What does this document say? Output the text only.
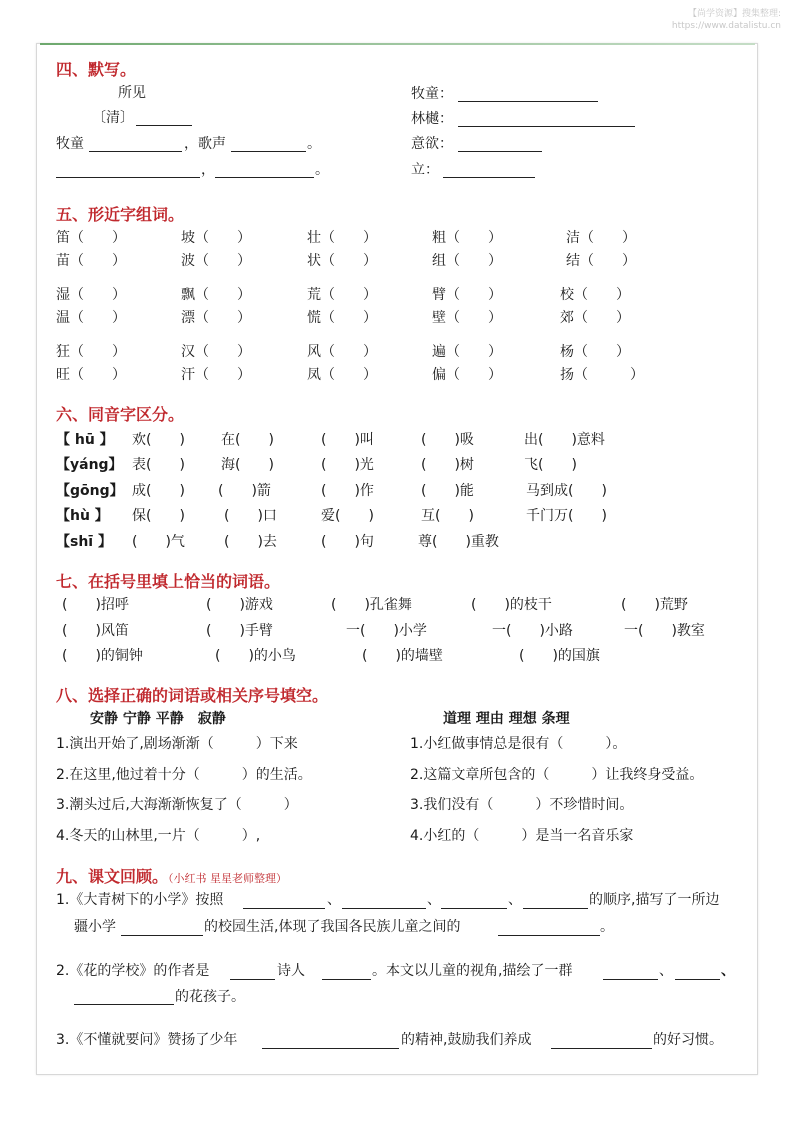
【尚学资源】搜集整理:
https://www.datalistu.cn
四、默写。
所见
〔清〕
牧童	，歌声	。
，	。
牧童：
林樾：
意欲：
立：
五、形近字组词。
笛（　　）	坡（　　）	壮（　　）	粗（　　）	洁（　　）
苗（　　）	波（　　）	状（　　）	组（　　）	结（　　）
湿（　　）	飘（　　）	荒（　　）	臂（　　）	校（　　）
温（　　）	漂（　　）	慌（　　）	壁（　　）	郊（　　）
狂（　　）	汉（　　）	风（　　）	遍（　　）	杨（　　）
旺（　　）	汗（　　）	凤（　　）	偏（　　）	扬（　　　）
六、同音字区分。
【 hū 】 欢(　　)	在(　　)	(　　)叫	(　　)吸	出(　　)意料
【yáng】 表(　　)	海(　　)	(　　)光	(　　)树	飞(　　)
【gōng】 成(　　) (　　)箭	(　　)作	(　　)能	马到成(　　)
【hù 】 保(　　)	(　　)口	爱(　　)	互(　　)	千门万(　　)
【shī 】 (　　)气	(　　)去	(　　)句	尊(　　)重教
七、在括号里填上恰当的词语。
(　　)招呼	(　　)游戏	(　　)孔雀舞	(　　)的枝干	(　　)荒野
(　　)风笛	(　　)手臂	一(　　)小学	一(　　)小路	一(　　)教室
(　　)的铜钟	(　　)的小鸟	(　　)的墙壁	(　　)的国旗
八、选择正确的词语或相关序号填空。
安静 宁静 平静　寂静	道理 理由 理想 条理
1.演出开始了,剧场渐渐（　　　）下来
2.在这里,他过着十分（　　　）的生活。
3.潮头过后,大海渐渐恢复了（　　　）
4.冬天的山林里,一片（　　　）,
1.小红做事情总是很有（　　　）。
2.这篇文章所包含的（　　　）让我终身受益。
3.我们没有（　　　）不珍惜时间。
4.小红的（　　　）是当一名音乐家
九、课文回顾。（小红书 星星老师整理）
1.《大青树下的小学》按照	、	、	、	的顺序,描写了一所边
疆小学	的校园生活,体现了我国各民族儿童之间的	。
2.《花的学校》的作者是	诗人	。本文以儿童的视角,描绘了一群	、	、
的花孩子。
3.《不懂就要问》赞扬了少年	的精神,鼓励我们养成	的好习惯。
